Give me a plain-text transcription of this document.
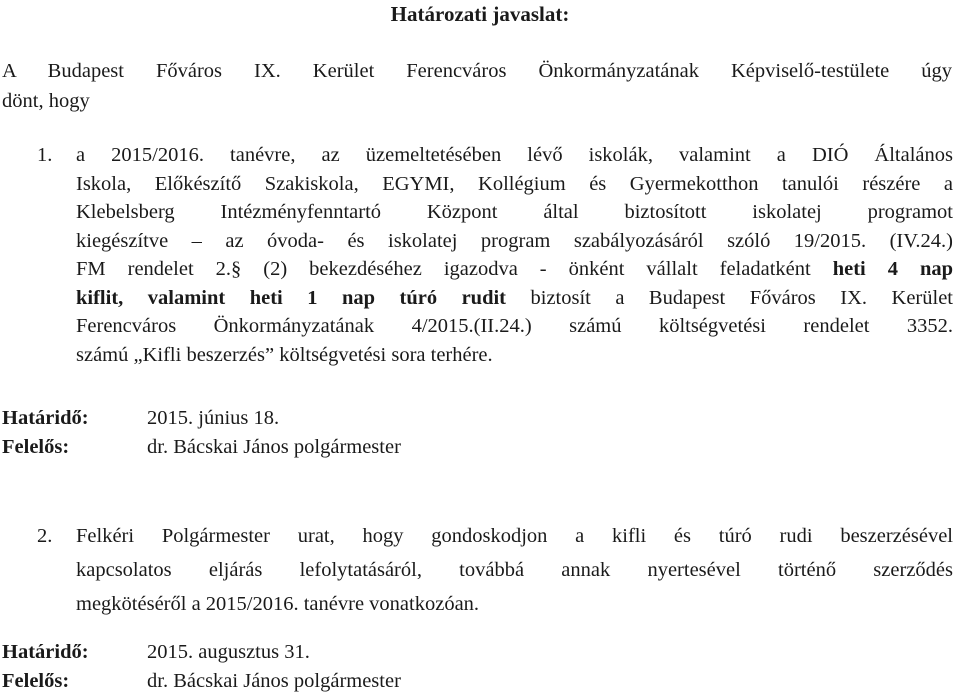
Határozati javaslat:
A Budapest Főváros IX. Kerület Ferencváros Önkormányzatának Képviselő-testülete úgy
dönt, hogy
1. a 2015/2016. tanévre, az üzemeltetésében lévő iskolák, valamint a DIÓ Általános
Iskola, Előkészítő Szakiskola, EGYMI, Kollégium és Gyermekotthon tanulói részére a
Klebelsberg Intézményfenntartó Központ által biztosított iskolatej programot
kiegészítve – az óvoda- és iskolatej program szabályozásáról szóló 19/2015. (IV.24.)
FM rendelet 2.§ (2) bekezdéséhez igazodva - önként vállalt feladatként heti 4 nap
kiflit, valamint heti 1 nap túró rudit biztosít a Budapest Főváros IX. Kerület
Ferencváros Önkormányzatának 4/2015.(II.24.) számú költségvetési rendelet 3352.
számú „Kifli beszerzés” költségvetési sora terhére.
Határidő:	2015. június 18.
Felelős:	dr. Bácskai János polgármester
2. Felkéri Polgármester urat, hogy gondoskodjon a kifli és túró rudi beszerzésével
kapcsolatos eljárás lefolytatásáról, továbbá annak nyertesével történő szerződés
megkötéséről a 2015/2016. tanévre vonatkozóan.
Határidő:	2015. augusztus 31.
Felelős:	dr. Bácskai János polgármester
